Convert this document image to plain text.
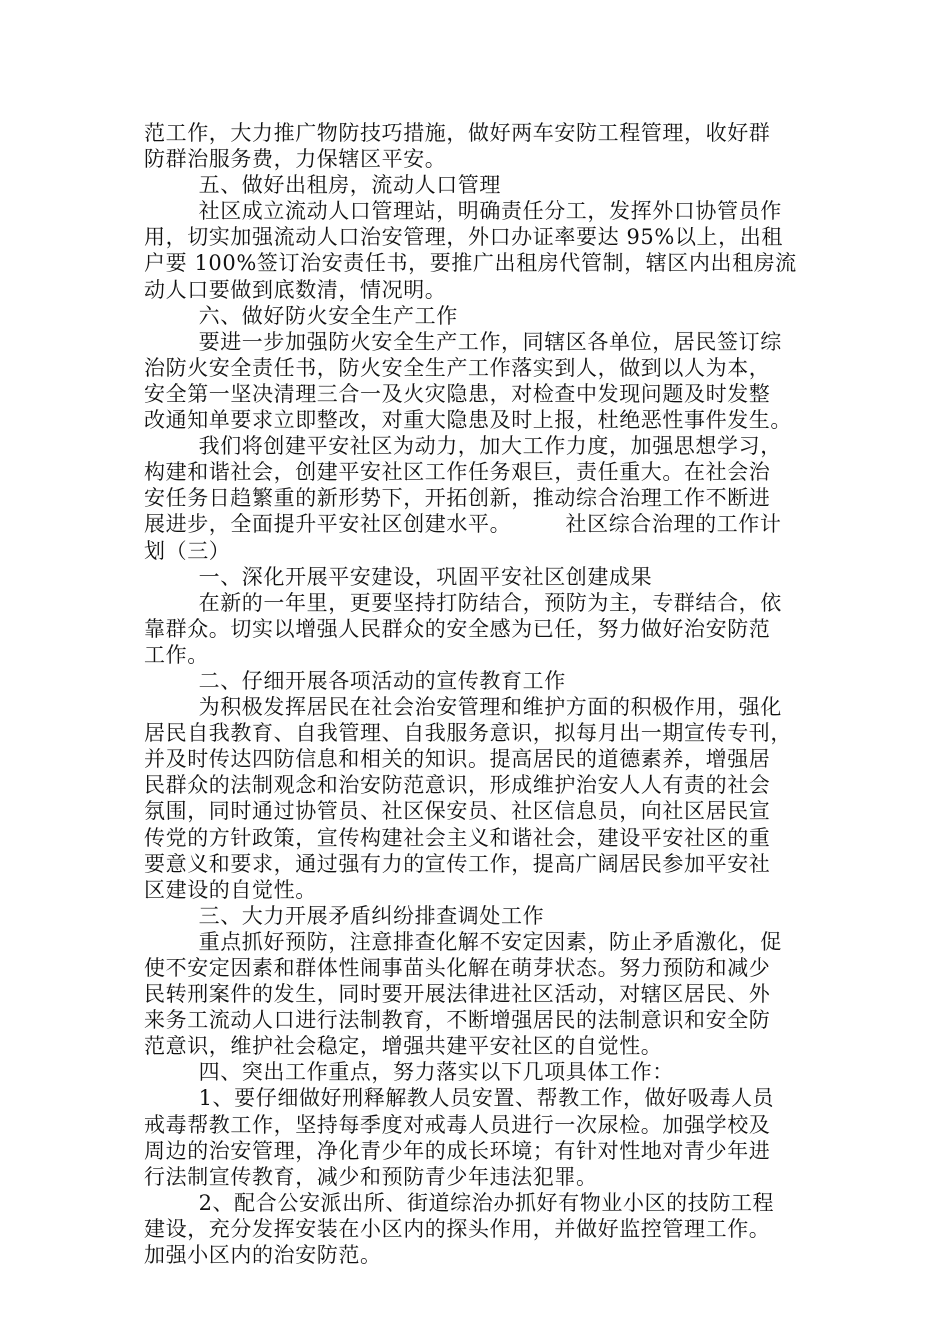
范工作，大力推广物防技巧措施，做好两车安防工程管理，收好群
防群治服务费，力保辖区平安。

五、做好出租房，流动人口管理

社区成立流动人口管理站，明确责任分工，发挥外口协管员作
用，切实加强流动人口治安管理，外口办证率要达 95%以上，出租
户要 100%签订治安责任书，要推广出租房代管制，辖区内出租房流
动人口要做到底数清，情况明。

六、做好防火安全生产工作

要进一步加强防火安全生产工作，同辖区各单位，居民签订综
治防火安全责任书，防火安全生产工作落实到人，做到以人为本，
安全第一坚决清理三合一及火灾隐患，对检查中发现问题及时发整
改通知单要求立即整改，对重大隐患及时上报，杜绝恶性事件发生。

我们将创建平安社区为动力，加大工作力度，加强思想学习，
构建和谐社会，创建平安社区工作任务艰巨，责任重大。在社会治
安任务日趋繁重的新形势下，开拓创新，推动综合治理工作不断进
展进步，全面提升平安社区创建水平。　　　社区综合治理的工作计
划（三）

一、深化开展平安建设，巩固平安社区创建成果

在新的一年里，更要坚持打防结合，预防为主，专群结合，依
靠群众。切实以增强人民群众的安全感为已任，努力做好治安防范
工作。

二、仔细开展各项活动的宣传教育工作

为积极发挥居民在社会治安管理和维护方面的积极作用，强化
居民自我教育、自我管理、自我服务意识，拟每月出一期宣传专刊，
并及时传达四防信息和相关的知识。提高居民的道德素养，增强居
民群众的法制观念和治安防范意识，形成维护治安人人有责的社会
氛围，同时通过协管员、社区保安员、社区信息员，向社区居民宣
传党的方针政策，宣传构建社会主义和谐社会，建设平安社区的重
要意义和要求，通过强有力的宣传工作，提高广阔居民参加平安社
区建设的自觉性。

三、大力开展矛盾纠纷排查调处工作

重点抓好预防，注意排查化解不安定因素，防止矛盾激化，促
使不安定因素和群体性闹事苗头化解在萌芽状态。努力预防和减少
民转刑案件的发生，同时要开展法律进社区活动，对辖区居民、外
来务工流动人口进行法制教育，不断增强居民的法制意识和安全防
范意识，维护社会稳定，增强共建平安社区的自觉性。

四、突出工作重点，努力落实以下几项具体工作：

1、要仔细做好刑释解教人员安置、帮教工作，做好吸毒人员
戒毒帮教工作，坚持每季度对戒毒人员进行一次尿检。加强学校及
周边的治安管理，净化青少年的成长环境；有针对性地对青少年进
行法制宣传教育，减少和预防青少年违法犯罪。

2、配合公安派出所、街道综治办抓好有物业小区的技防工程
建设，充分发挥安装在小区内的探头作用，并做好监控管理工作。
加强小区内的治安防范。
